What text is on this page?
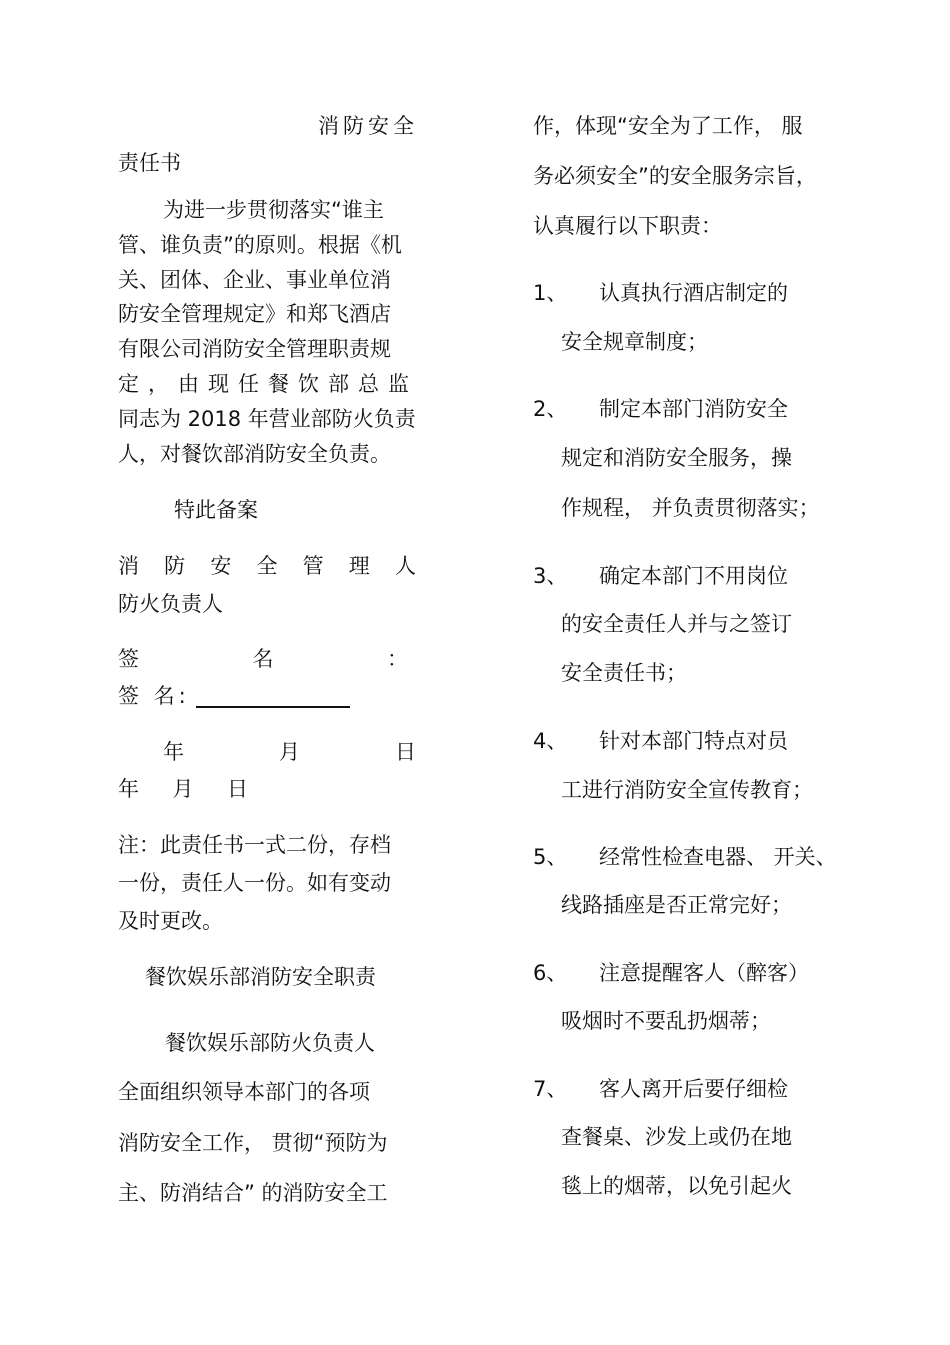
消防安全
责任书
为进一步贯彻落实“谁主
管、谁负责”的原则。根据《机
关、团体、企业、事业单位消
防安全管理规定》和郑飞酒店
有限公司消防安全管理职责规
定，由现任餐饮部总监
同志为 2018 年营业部防火负责
人，对餐饮部消防安全负责。
特此备案
消 防 安 全 管 理 人
防火负责人
签	名	：
签 名:
年	月	日
年 月 日
注：此责任书一式二份，存档
一份，责任人一份。如有变动
及时更改。
餐饮娱乐部消防安全职责
餐饮娱乐部防火负责人
全面组织领导本部门的各项
消防安全工作， 贯彻“预防为
主、防消结合” 的消防安全工
作，体现“安全为了工作， 服
务必须安全”的安全服务宗旨，
认真履行以下职责：
1、 认真执行酒店制定的
安全规章制度；
2、 制定本部门消防安全
规定和消防安全服务，操
作规程， 并负责贯彻落实；
3、 确定本部门不用岗位
的安全责任人并与之签订
安全责任书；
4、 针对本部门特点对员
工进行消防安全宣传教育；
5、 经常性检查电器、 开关、
线路插座是否正常完好；
6、 注意提醒客人（醉客）
吸烟时不要乱扔烟蒂；
7、 客人离开后要仔细检
查餐桌、沙发上或仍在地
毯上的烟蒂，以免引起火
